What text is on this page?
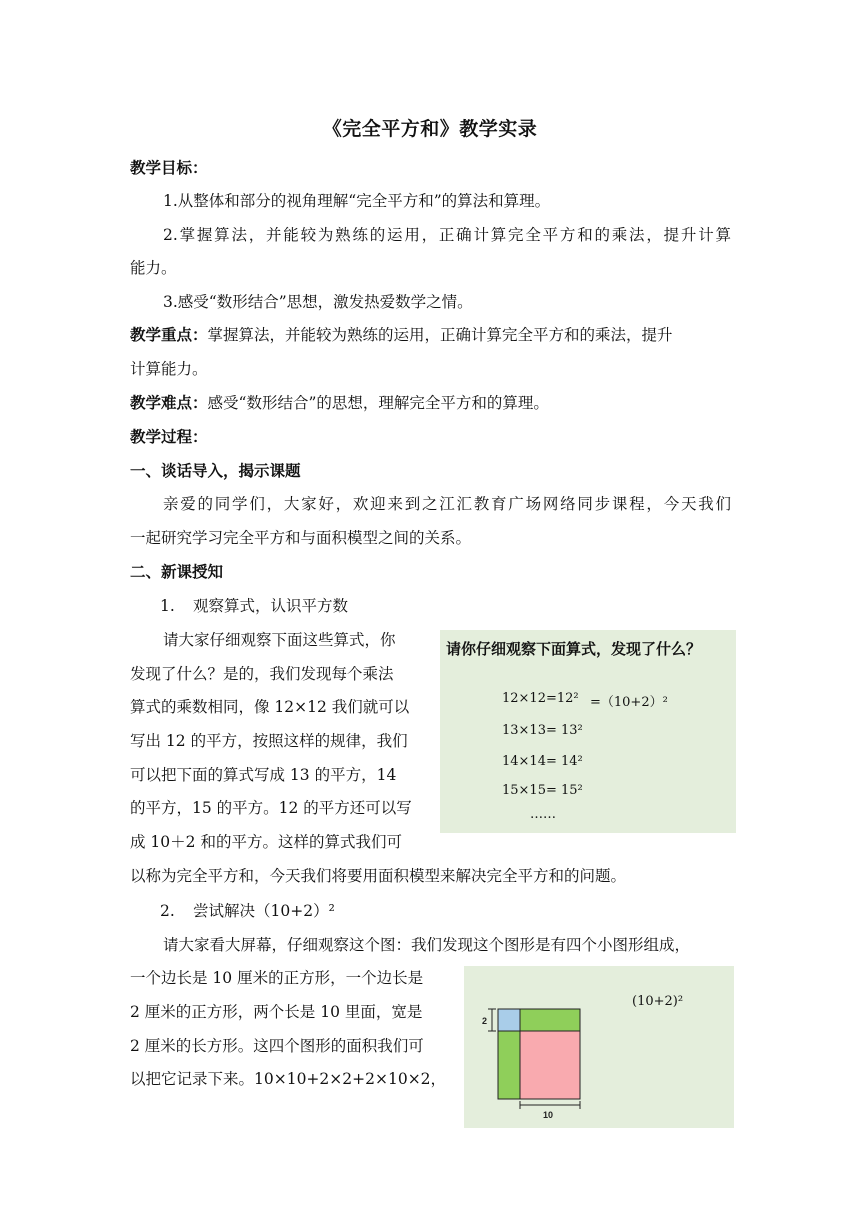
《完全平方和》教学实录
教学目标：
1.从整体和部分的视角理解“完全平方和”的算法和算理。
2.掌握算法，并能较为熟练的运用，正确计算完全平方和的乘法，提升计算
能力。
3.感受“数形结合”思想，激发热爱数学之情。
教学重点：掌握算法，并能较为熟练的运用，正确计算完全平方和的乘法，提升
计算能力。
教学难点：感受“数形结合”的思想，理解完全平方和的算理。
教学过程：
一、谈话导入，揭示课题
亲爱的同学们，大家好，欢迎来到之江汇教育广场网络同步课程，今天我们
一起研究学习完全平方和与面积模型之间的关系。
二、新课授知
1. 观察算式，认识平方数
请大家仔细观察下面这些算式，你
发现了什么？是的，我们发现每个乘法
算式的乘数相同，像 12×12 我们就可以
写出 12 的平方，按照这样的规律，我们
可以把下面的算式写成 13 的平方，14
的平方，15 的平方。12 的平方还可以写
成 10＋2 和的平方。这样的算式我们可
以称为完全平方和，今天我们将要用面积模型来解决完全平方和的问题。
请你仔细观察下面算式，发现了什么？
12×12=12² =（10+2）²
13×13= 13²
14×14= 14²
15×15= 15²
……
2. 尝试解决（10+2）²
请大家看大屏幕，仔细观察这个图：我们发现这个图形是有四个小图形组成，
一个边长是 10 厘米的正方形，一个边长是
2 厘米的正方形，两个长是 10 里面，宽是
2 厘米的长方形。这四个图形的面积我们可
以把它记录下来。10×10+2×2+2×10×2，
(10+2)²
2
10
